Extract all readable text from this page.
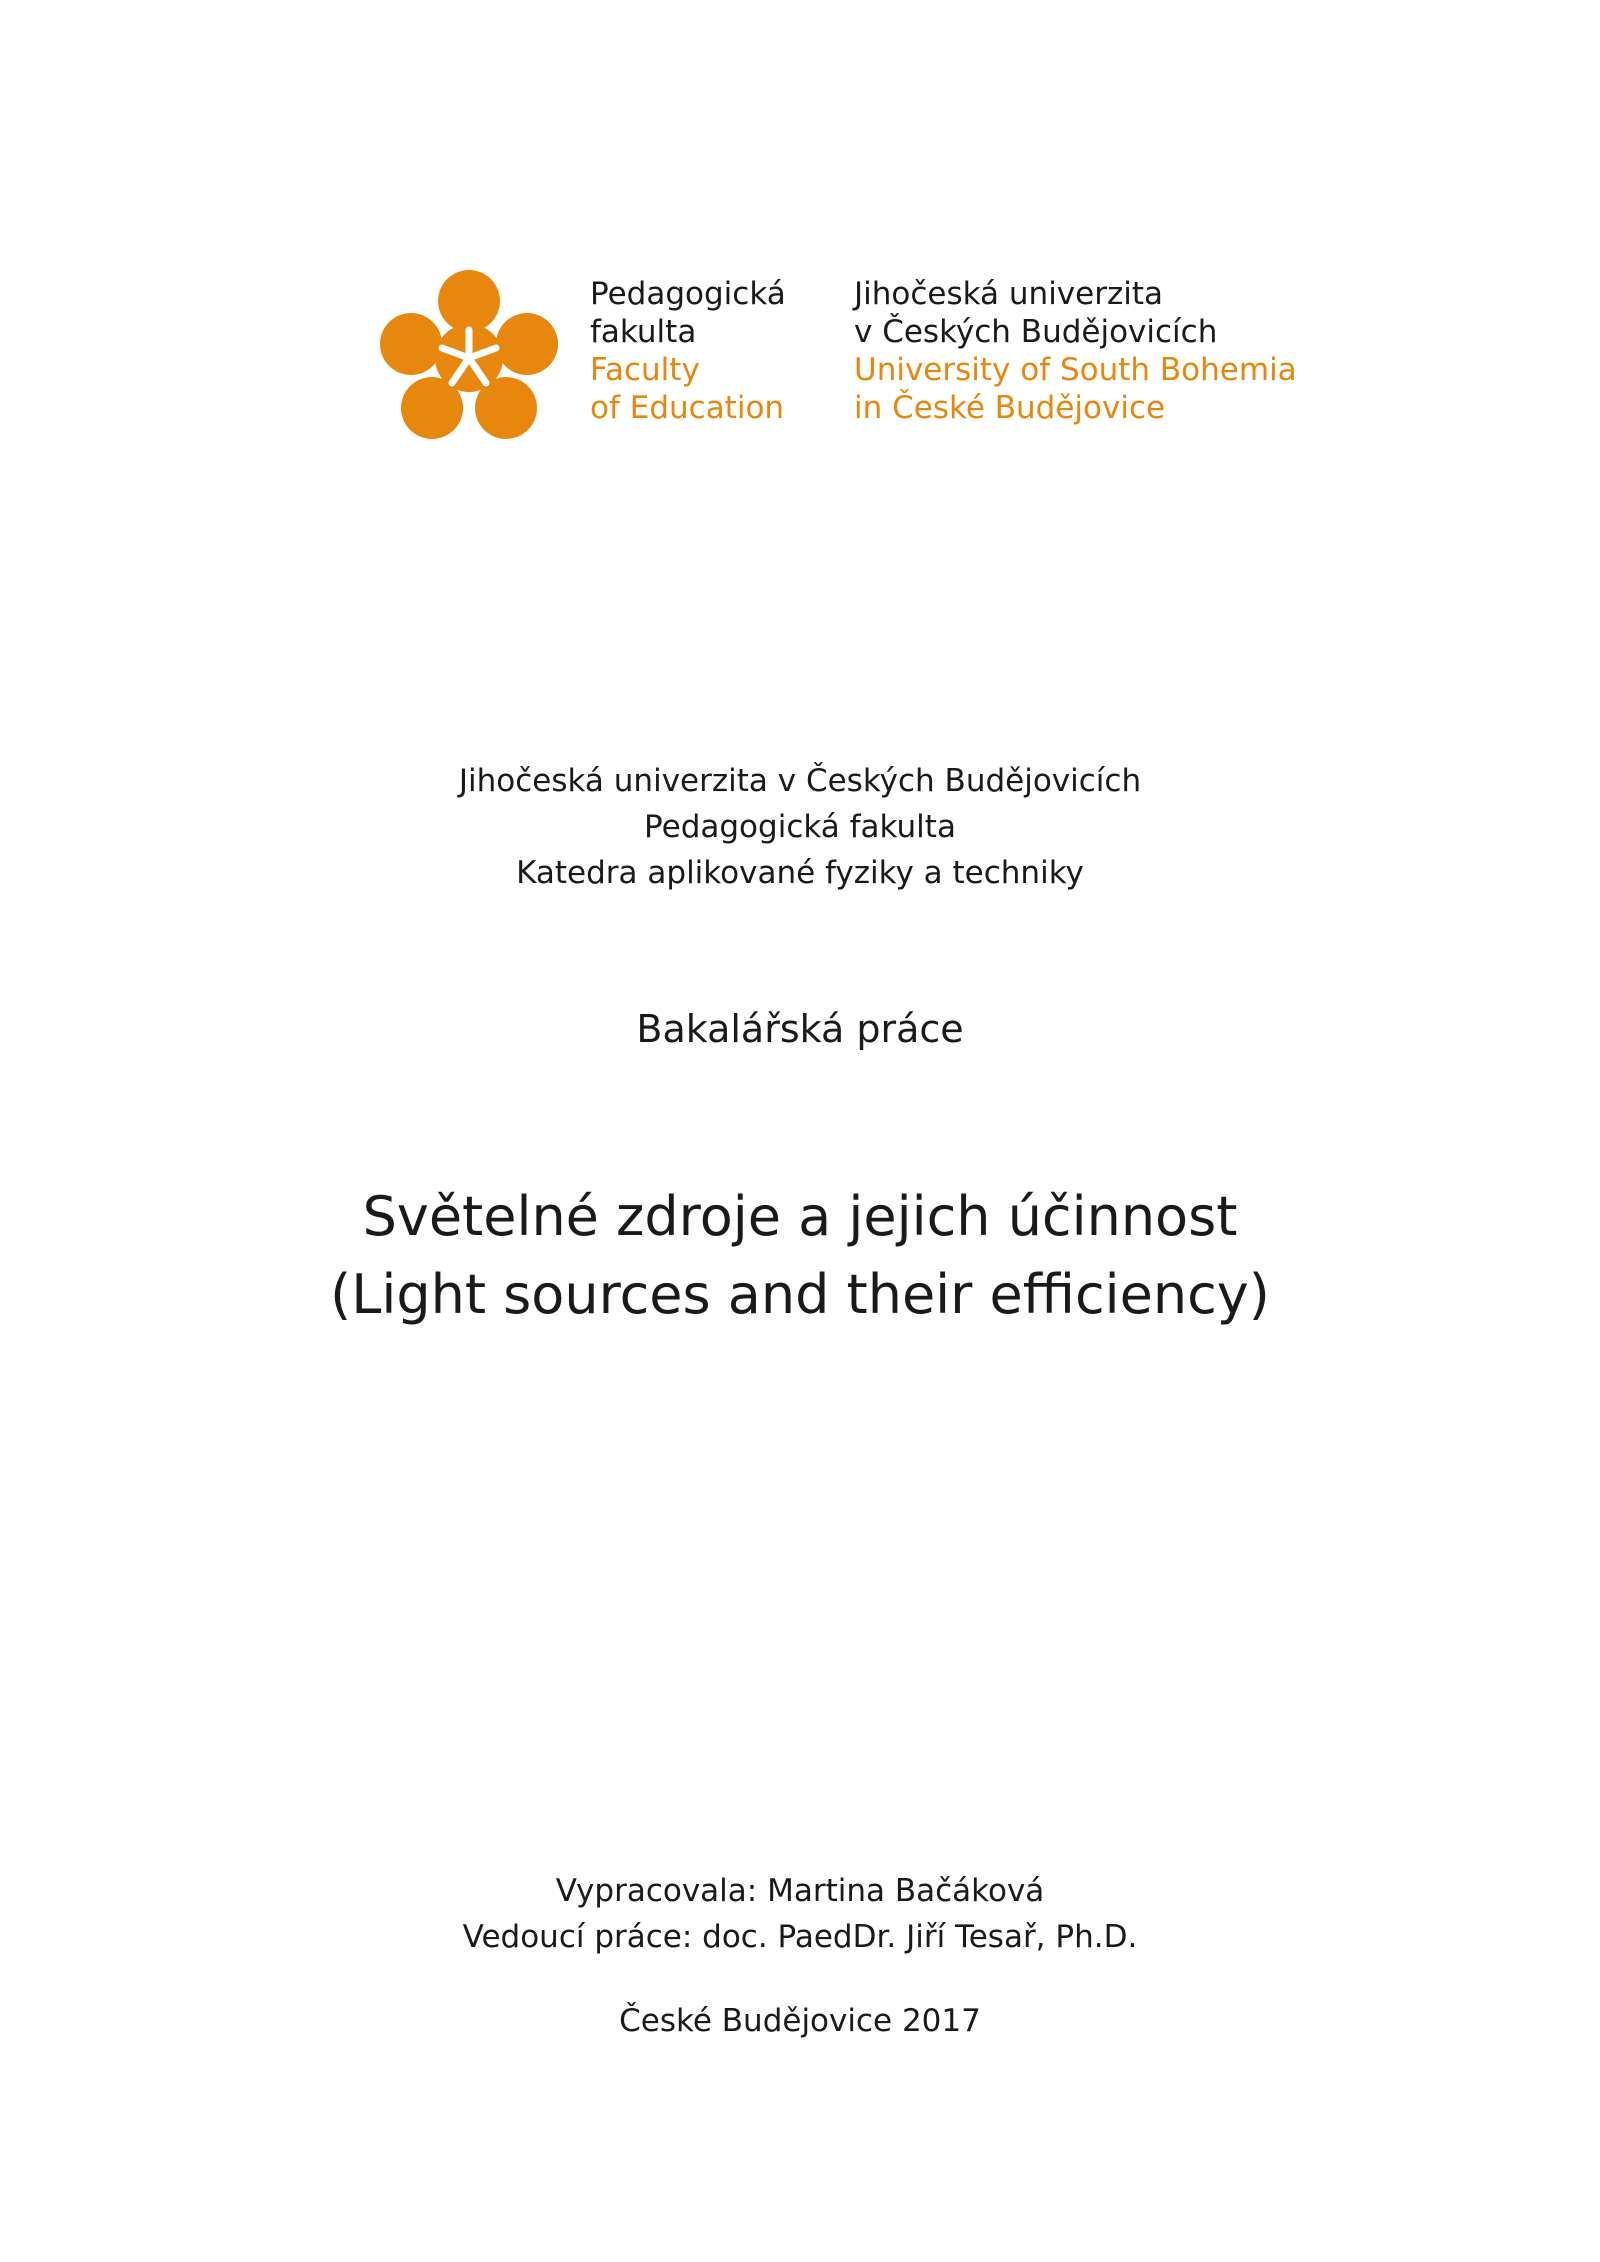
Pedagogická
fakulta
Faculty
of Education
Jihočeská univerzita
v Českých Budějovicích
University of South Bohemia
in České Budějovice
Jihočeská univerzita v Českých Budějovicích
Pedagogická fakulta
Katedra aplikované fyziky a techniky
Bakalářská práce
Světelné zdroje a jejich účinnost
(Light sources and their efficiency)
Vypracovala: Martina Bačáková
Vedoucí práce: doc. PaedDr. Jiří Tesař, Ph.D.
České Budějovice 2017
